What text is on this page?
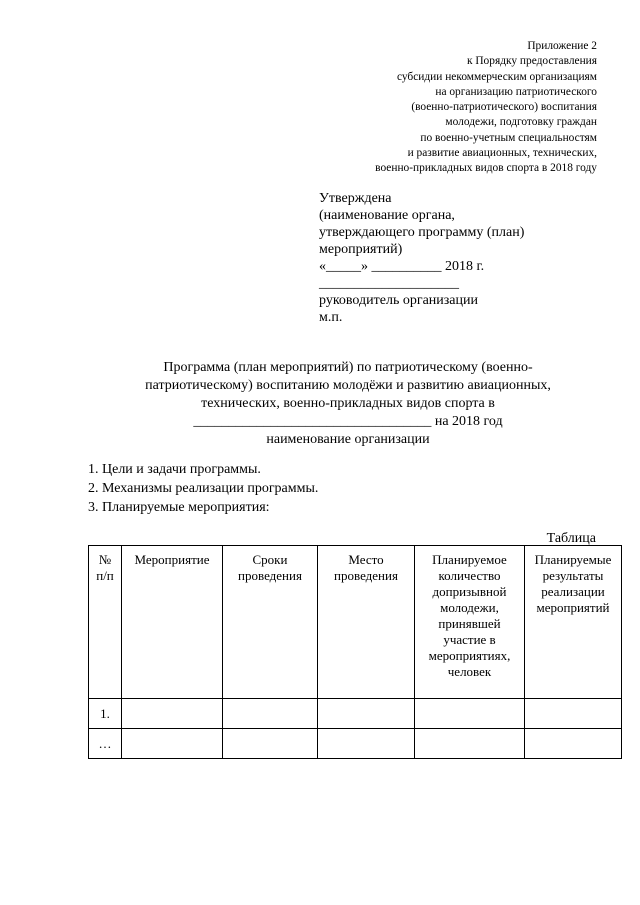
Приложение 2
к Порядку предоставления
субсидии некоммерческим организациям
на организацию патриотического
(военно-патриотического) воспитания
молодежи, подготовку граждан
по военно-учетным специальностям
и развитие авиационных, технических,
военно-прикладных видов спорта в 2018 году
Утверждена
(наименование органа,
утверждающего программу (план)
мероприятий)
«_____» __________ 2018 г.
____________________
руководитель организации
м.п.
Программа (план мероприятий) по патриотическому (военно-
патриотическому) воспитанию молодёжи и развитию авиационных,
технических, военно-прикладных видов спорта в
__________________________________ на 2018 год
наименование организации
1. Цели и задачи программы.
2. Механизмы реализации программы.
3. Планируемые мероприятия:
Таблица
№ п/п	Мероприятие	Сроки проведения	Место проведения	Планируемое количество допризывной молодежи, принявшей участие в мероприятиях, человек	Планируемые результаты реализации мероприятий
1.					
…					
